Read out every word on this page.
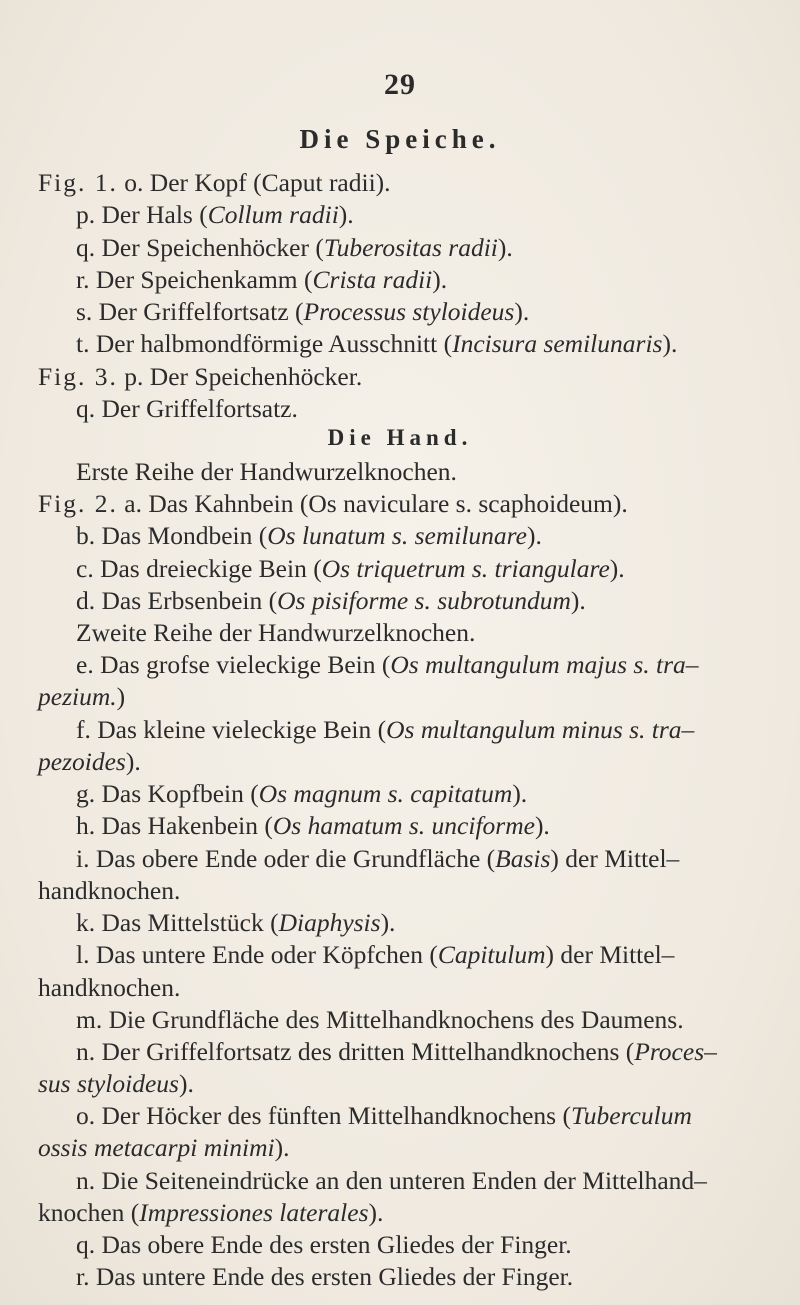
29
Die Speiche.
Die Hand.
Fig. 1. o. Der Kopf (Caput radii).
p. Der Hals (Collum radii).
q. Der Speichenhöcker (Tuberositas radii).
r. Der Speichenkamm (Crista radii).
s. Der Griffelfortsatz (Processus styloideus).
t. Der halbmondförmige Ausschnitt (Incisura semilunaris).
Fig. 3. p. Der Speichenhöcker.
q. Der Griffelfortsatz.
Erste Reihe der Handwurzelknochen.
Fig. 2. a. Das Kahnbein (Os naviculare s. scaphoideum).
b. Das Mondbein (Os lunatum s. semilunare).
c. Das dreieckige Bein (Os triquetrum s. triangulare).
d. Das Erbsenbein (Os pisiforme s. subrotundum).
Zweite Reihe der Handwurzelknochen.
e. Das grofse vieleckige Bein (Os multangulum majus s. tra–
pezium.)
f. Das kleine vieleckige Bein (Os multangulum minus s. tra–
pezoides).
g. Das Kopfbein (Os magnum s. capitatum).
h. Das Hakenbein (Os hamatum s. unciforme).
i. Das obere Ende oder die Grundfläche (Basis) der Mittel–
handknochen.
k. Das Mittelstück (Diaphysis).
l. Das untere Ende oder Köpfchen (Capitulum) der Mittel–
handknochen.
m. Die Grundfläche des Mittelhandknochens des Daumens.
n. Der Griffelfortsatz des dritten Mittelhandknochens (Proces–
sus styloideus).
o. Der Höcker des fünften Mittelhandknochens (Tuberculum
ossis metacarpi minimi).
n. Die Seiteneindrücke an den unteren Enden der Mittelhand–
knochen (Impressiones laterales).
q. Das obere Ende des ersten Gliedes der Finger.
r. Das untere Ende des ersten Gliedes der Finger.
